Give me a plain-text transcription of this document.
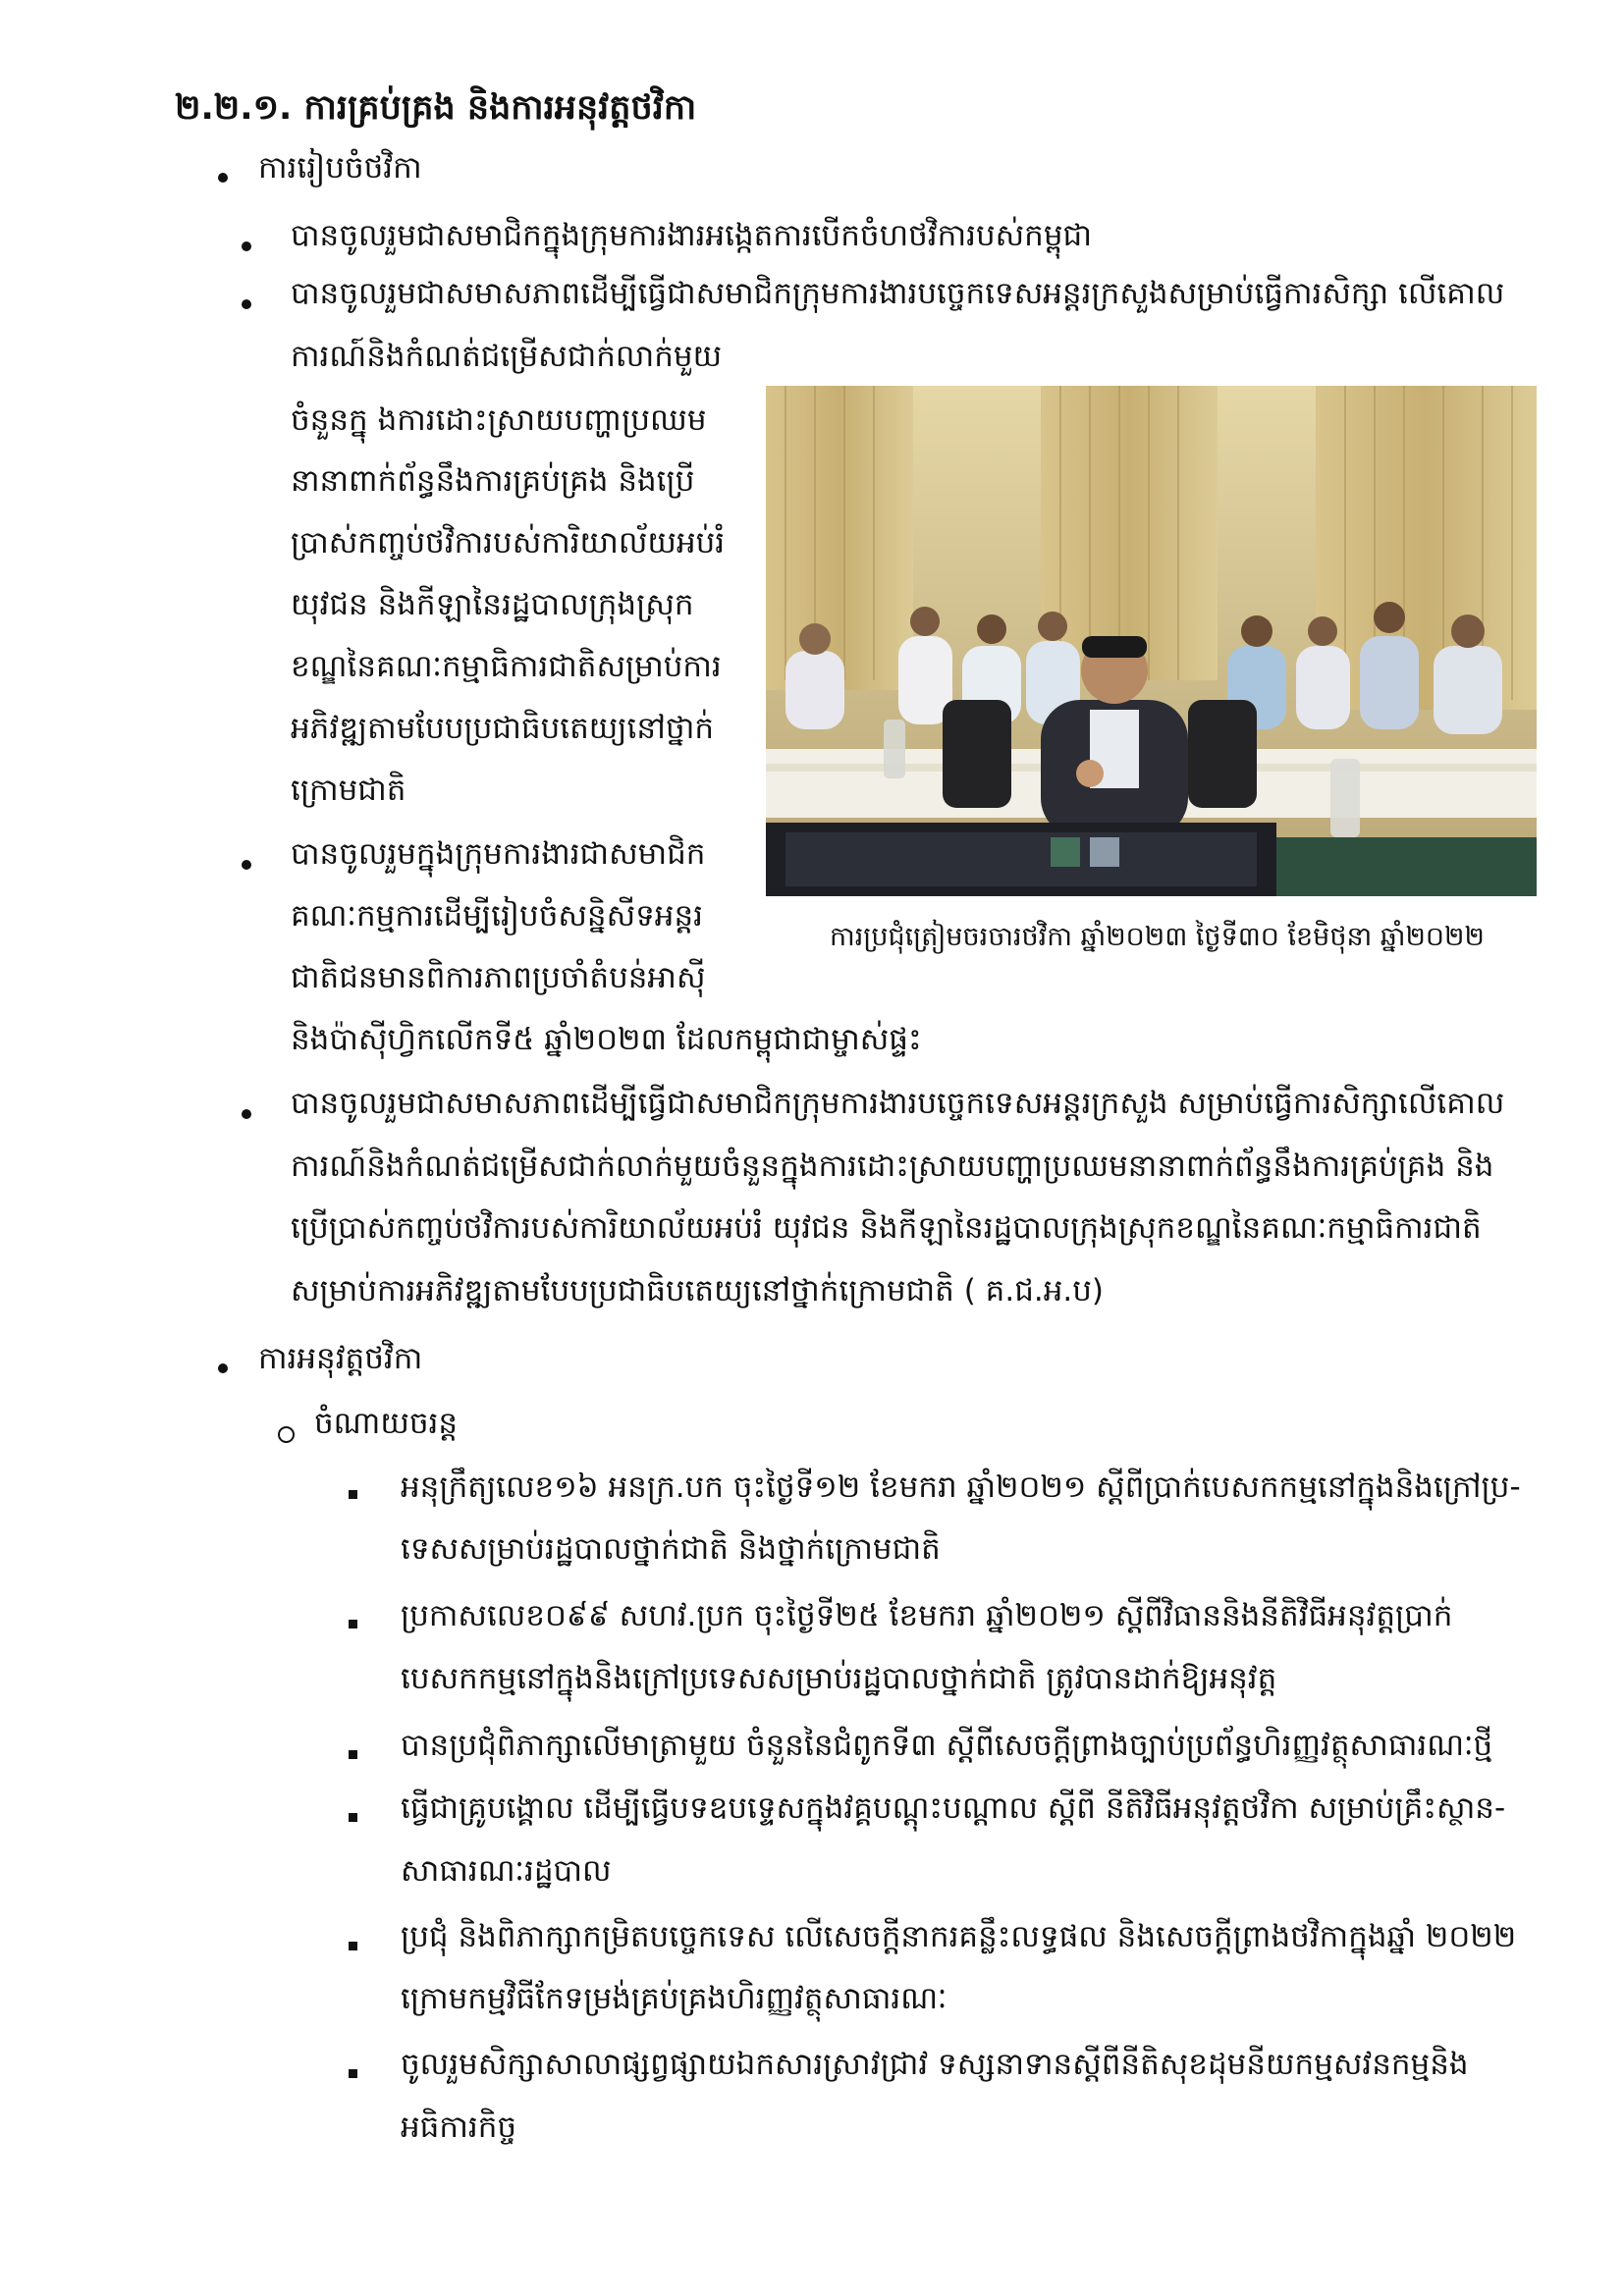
២.២.១. ការគ្រប់គ្រង និងការអនុវត្តថវិកា
ការរៀបចំថវិកា
បានចូលរួមជាសមាជិកក្នុងក្រុមការងារអង្កេតការបើកចំហថវិការបស់កម្ពុជា
បានចូលរួមជាសមាសភាពដើម្បីធ្វើជាសមាជិកក្រុមការងារបច្ចេកទេសអន្តរក្រសួងសម្រាប់ធ្វើការសិក្សា លើគោល
ការណ៍និងកំណត់ជម្រើសជាក់លាក់មួយ
ចំនួនក្នុ ងការដោះស្រាយបញ្ហាប្រឈម
នានាពាក់ព័ន្ធនឹងការគ្រប់គ្រង និងប្រើ
ប្រាស់កញ្ចប់ថវិការបស់ការិយាល័យអប់រំ
យុវជន និងកីឡានៃរដ្ឋបាលក្រុងស្រុក
ខណ្ឌនៃគណៈកម្មាធិការជាតិសម្រាប់ការ
អភិវឌ្ឍតាមបែបប្រជាធិបតេយ្យនៅថ្នាក់
ក្រោមជាតិ
បានចូលរួមក្នុងក្រុមការងារជាសមាជិក
គណៈកម្មការដើម្បីរៀបចំសន្និសីទអន្តរ
ជាតិជនមានពិការភាពប្រចាំតំបន់អាស៊ី
និងប៉ាស៊ីហ្វិកលើកទី៥ ឆ្នាំ២០២៣ ដែលកម្ពុជាជាម្ចាស់ផ្ទះ
ការប្រជុំត្រៀមចរចារថវិកា ឆ្នាំ២០២៣ ថ្ងៃទី៣០ ខែមិថុនា ឆ្នាំ២០២២
បានចូលរួមជាសមាសភាពដើម្បីធ្វើជាសមាជិកក្រុមការងារបច្ចេកទេសអន្តរក្រសួង សម្រាប់ធ្វើការសិក្សាលើគោល
ការណ៍និងកំណត់ជម្រើសជាក់លាក់មួយចំនួនក្នុងការដោះស្រាយបញ្ហាប្រឈមនានាពាក់ព័ន្ធនឹងការគ្រប់គ្រង និង
ប្រើប្រាស់កញ្ចប់ថវិការបស់ការិយាល័យអប់រំ យុវជន និងកីឡានៃរដ្ឋបាលក្រុងស្រុកខណ្ឌនៃគណៈកម្មាធិការជាតិ
សម្រាប់ការអភិវឌ្ឍតាមបែបប្រជាធិបតេយ្យនៅថ្នាក់ក្រោមជាតិ ( គ.ជ.អ.ប)
ការអនុវត្តថវិកា
ចំណាយចរន្ត
អនុក្រឹត្យលេខ១៦ អនក្រ.បក ចុះថ្ងៃទី១២ ខែមករា ឆ្នាំ២០២១ ស្តីពីប្រាក់បេសកកម្មនៅក្នុងនិងក្រៅប្រ-
ទេសសម្រាប់រដ្ឋបាលថ្នាក់ជាតិ និងថ្នាក់ក្រោមជាតិ
ប្រកាសលេខ០៩៩ សហវ.ប្រក ចុះថ្ងៃទី២៥ ខែមករា ឆ្នាំ២០២១ ស្តីពីវិធាននិងនីតិវិធីអនុវត្តប្រាក់
បេសកកម្មនៅក្នុងនិងក្រៅប្រទេសសម្រាប់រដ្ឋបាលថ្នាក់ជាតិ ត្រូវបានដាក់ឱ្យអនុវត្ត
បានប្រជុំពិភាក្សាលើមាត្រាមួយ ចំនួននៃជំពូកទី៣ ស្តីពីសេចក្តីព្រាងច្បាប់ប្រព័ន្ធហិរញ្ញវត្ថុសាធារណៈថ្មី
ធ្វើជាគ្រូបង្គោល ដើម្បីធ្វើបទឧបទ្ទេសក្នុងវគ្គបណ្តុះបណ្តាល ស្តីពី នីតិវិធីអនុវត្តថវិកា សម្រាប់គ្រឹះស្ថាន-
សាធារណៈរដ្ឋបាល
ប្រជុំ និងពិភាក្សាកម្រិតបច្ចេកទេស លើសេចក្តីនាករគន្លឹះលទ្ធផល និងសេចក្តីព្រាងថវិកាក្នុងឆ្នាំ ២០២២
ក្រោមកម្មវិធីកែទម្រង់គ្រប់គ្រងហិរញ្ញវត្ថុសាធារណៈ
ចូលរួមសិក្សាសាលាផ្សព្វផ្សាយឯកសារស្រាវជ្រាវ ទស្សនាទានស្តីពីនីតិសុខដុមនីយកម្មសវនកម្មនិង
អធិការកិច្ច
